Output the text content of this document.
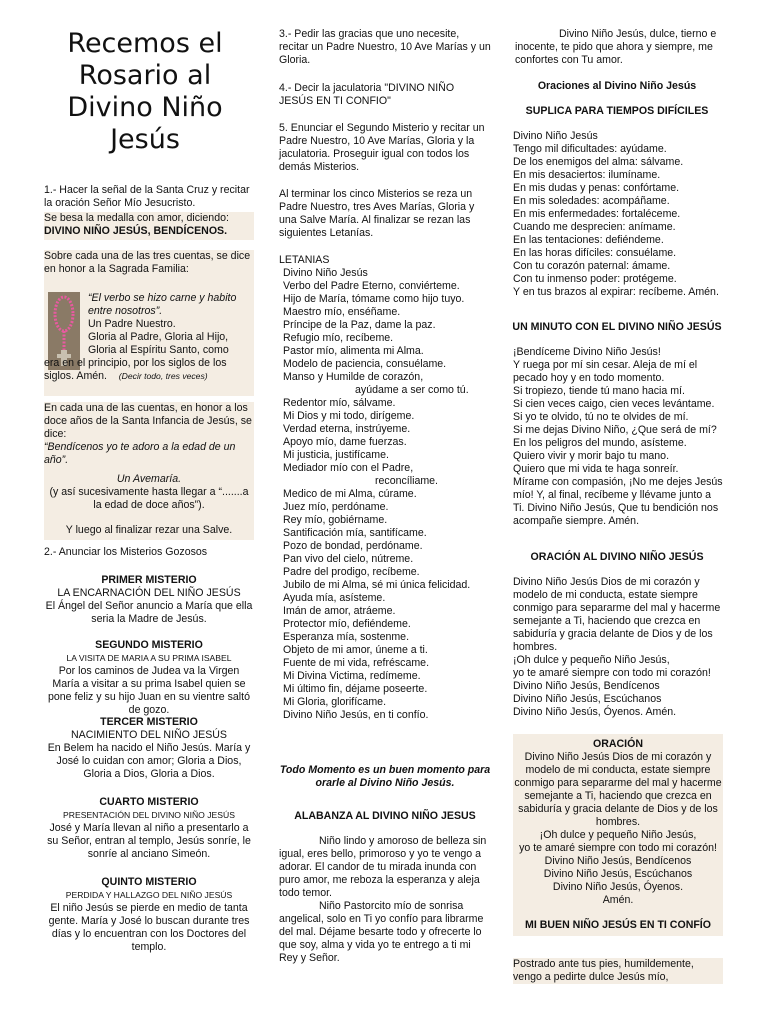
Recemos el Rosario al Divino Niño Jesús

1.- Hacer la señal de la Santa Cruz y recitar la oración Señor Mío Jesucristo.

Se besa la medalla con amor, diciendo:

DIVINO NIÑO JESÚS, BENDÍCENOS.

Sobre cada una de las tres cuentas, se dice en honor a la Sagrada Familia:

“El verbo se hizo carne y habito

entre nosotros”.

Un Padre Nuestro.

Gloria al Padre, Gloria al Hijo,

Gloria al Espíritu Santo, como

era en el principio, por los siglos de los

siglos. Amén. (Decir todo, tres veces)

En cada una de las cuentas, en honor a los doce años de la Santa Infancia de Jesús, se dice:

“Bendícenos yo te adoro a la edad de un año”.

Un Avemaría.

(y así sucesivamente hasta llegar a “.......a la edad de doce años”).

Y luego al finalizar rezar una Salve.

2.- Anunciar los Misterios Gozosos

PRIMER MISTERIO

LA ENCARNACIÓN DEL NIÑO JESÚS

El Ángel del Señor anuncio a María que ella seria la Madre de Jesús.

SEGUNDO MISTERIO

LA VISITA DE MARIA A SU PRIMA ISABEL

Por los caminos de Judea va la Virgen María a visitar a su prima Isabel quien se pone feliz y su hijo Juan en su vientre saltó de gozo.

TERCER MISTERIO

NACIMIENTO DEL NIÑO JESÚS

En Belem ha nacido el Niño Jesús. María y José lo cuidan con amor; Gloria a Dios, Gloria a Dios, Gloria a Dios.

CUARTO MISTERIO

PRESENTACIÓN DEL DIVINO NIÑO JESÚS

José y María llevan al niño a presentarlo a su Señor, entran al templo, Jesús sonríe, le sonríe al anciano Simeón.

QUINTO MISTERIO

PERDIDA Y HALLAZGO DEL NIÑO JESÚS

El niño Jesús se pierde en medio de tanta gente. María y José lo buscan durante tres días y lo encuentran con los Doctores del templo.

3.- Pedir las gracias que uno necesite, recitar un Padre Nuestro, 10 Ave Marías y un Gloria.

4.- Decir la jaculatoria "DIVINO NIÑO JESÚS EN TI CONFIO"

5. Enunciar el Segundo Misterio y recitar un Padre Nuestro, 10 Ave Marías, Gloria y la jaculatoria. Proseguir igual con todos los demás Misterios.

Al terminar los cinco Misterios se reza un Padre Nuestro, tres Aves Marías, Gloria y una Salve María. Al finalizar se rezan las siguientes Letanías.

LETANIAS

Divino Niño Jesús

Verbo del Padre Eterno, conviérteme.

Hijo de María, tómame como hijo tuyo.

Maestro mío, enséñame.

Príncipe de la Paz, dame la paz.

Refugio mío, recíbeme.

Pastor mío, alimenta mi Alma.

Modelo de paciencia, consuélame.

Manso y Humilde de corazón,

ayúdame a ser como tú.

Redentor mío, sálvame.

Mi Dios y mi todo, dirígeme.

Verdad eterna, instrúyeme.

Apoyo mío, dame fuerzas.

Mi justicia, justifícame.

Mediador mío con el Padre,

reconcíliame.

Medico de mi Alma, cúrame.

Juez mío, perdóname.

Rey mío, gobiérname.

Santificación mía, santifícame.

Pozo de bondad, perdóname.

Pan vivo del cielo, nútreme.

Padre del prodigo, recíbeme.

Jubilo de mi Alma, sé mi única felicidad.

Ayuda mía, asísteme.

Imán de amor, atráeme.

Protector mío, defiéndeme.

Esperanza mía, sostenme.

Objeto de mi amor, úneme a ti.

Fuente de mi vida, refréscame.

Mi Divina Victima, redímeme.

Mi último fin, déjame poseerte.

Mi Gloria, glorifícame.

Divino Niño Jesús, en ti confío.

Todo Momento es un buen momento para orarle al Divino Niño Jesús.

ALABANZA AL DIVINO NIÑO JESUS

Niño lindo y amoroso de belleza sin igual, eres bello, primoroso y yo te vengo a adorar. El candor de tu mirada inunda con puro amor, me reboza la esperanza y aleja todo temor.

Niño Pastorcito mío de sonrisa angelical, solo en Ti yo confío para librarme del mal. Déjame besarte todo y ofrecerte lo que soy, alma y vida yo te entrego a ti mi Rey y Señor.

Divino Niño Jesús, dulce, tierno e inocente, te pido que ahora y siempre, me confortes con Tu amor.

Oraciones al Divino Niño Jesús

SUPLICA PARA TIEMPOS DIFÍCILES

Divino Niño Jesús

Tengo mil dificultades: ayúdame.

De los enemigos del alma: sálvame.

En mis desaciertos: ilumíname.

En mis dudas y penas: confórtame.

En mis soledades: acompáñame.

En mis enfermedades: fortaléceme.

Cuando me desprecien: anímame.

En las tentaciones: defiéndeme.

En las horas difíciles: consuélame.

Con tu corazón paternal: ámame.

Con tu inmenso poder: protégeme.

Y en tus brazos al expirar: recíbeme. Amén.

UN MINUTO CON EL DIVINO NIÑO JESÚS

¡Bendíceme Divino Niño Jesús!

Y ruega por mí sin cesar. Aleja de mí el pecado hoy y en todo momento.

Si tropiezo, tiende tú mano hacia mí.

Si cien veces caigo, cien veces levántame.

Si yo te olvido, tú no te olvides de mí.

Si me dejas Divino Niño, ¿Que será de mí?

En los peligros del mundo, asísteme.

Quiero vivir y morir bajo tu mano.

Quiero que mi vida te haga sonreír.

Mírame con compasión, ¡No me dejes Jesús mío! Y, al final, recíbeme y llévame junto a Ti. Divino Niño Jesús, Que tu bendición nos acompañe siempre. Amén.

ORACIÓN AL DIVINO NIÑO JESÚS

Divino Niño Jesús Dios de mi corazón y modelo de mi conducta, estate siempre conmigo para separarme del mal y hacerme semejante a Ti, haciendo que crezca en sabiduría y gracia delante de Dios y de los hombres.

¡Oh dulce y pequeño Niño Jesús,

yo te amaré siempre con todo mi corazón!

Divino Niño Jesús, Bendícenos

Divino Niño Jesús, Escúchanos

Divino Niño Jesús, Óyenos. Amén.

ORACIÓN

Divino Niño Jesús Dios de mi corazón y modelo de mi conducta, estate siempre conmigo para separarme del mal y hacerme semejante a Ti, haciendo que crezca en sabiduría y gracia delante de Dios y de los hombres.

¡Oh dulce y pequeño Niño Jesús,

yo te amaré siempre con todo mi corazón!

Divino Niño Jesús, Bendícenos

Divino Niño Jesús, Escúchanos

Divino Niño Jesús, Óyenos.

Amén.

MI BUEN NIÑO JESÚS EN TI CONFÍO

Postrado ante tus pies, humildemente, vengo a pedirte dulce Jesús mío,
